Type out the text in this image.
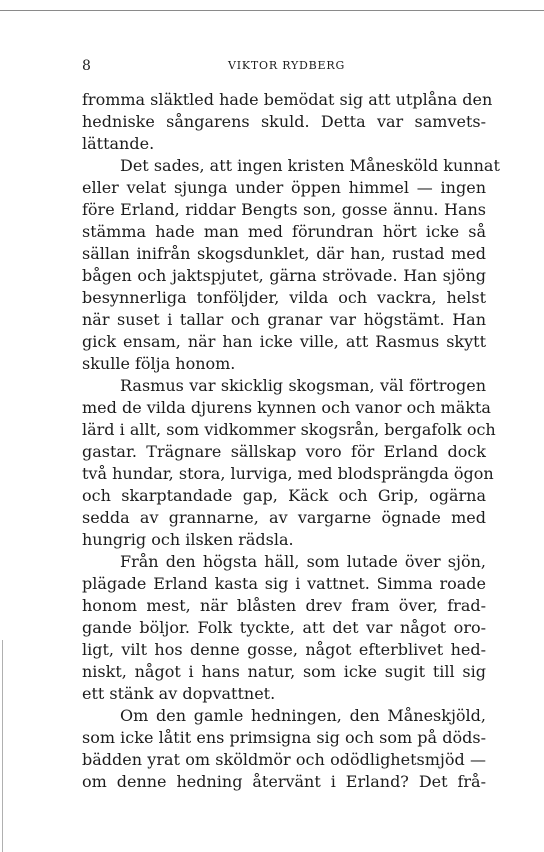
8	VIKTOR RYDBERG
fromma släktled hade bemödat sig att utplåna den
hedniske sångarens skuld. Detta var samvets-
lättande.
Det sades, att ingen kristen Månesköld kunnat
eller velat sjunga under öppen himmel — ingen
före Erland, riddar Bengts son, gosse ännu. Hans
stämma hade man med förundran hört icke så
sällan inifrån skogsdunklet, där han, rustad med
bågen och jaktspjutet, gärna strövade. Han sjöng
besynnerliga tonföljder, vilda och vackra, helst
när suset i tallar och granar var högstämt. Han
gick ensam, när han icke ville, att Rasmus skytt
skulle följa honom.
Rasmus var skicklig skogsman, väl förtrogen
med de vilda djurens kynnen och vanor och mäkta
lärd i allt, som vidkommer skogsrån, bergafolk och
gastar. Trägnare sällskap voro för Erland dock
två hundar, stora, lurviga, med blodsprängda ögon
och skarptandade gap, Käck och Grip, ogärna
sedda av grannarne, av vargarne ögnade med
hungrig och ilsken rädsla.
Från den högsta häll, som lutade över sjön,
plägade Erland kasta sig i vattnet. Simma roade
honom mest, när blåsten drev fram över, frad-
gande böljor. Folk tyckte, att det var något oro-
ligt, vilt hos denne gosse, något efterblivet hed-
niskt, något i hans natur, som icke sugit till sig
ett stänk av dopvattnet.
Om den gamle hedningen, den Måneskjöld,
som icke låtit ens primsigna sig och som på döds-
bädden yrat om sköldmör och odödlighetsmjöd —
om denne hedning återvänt i Erland? Det frå-
